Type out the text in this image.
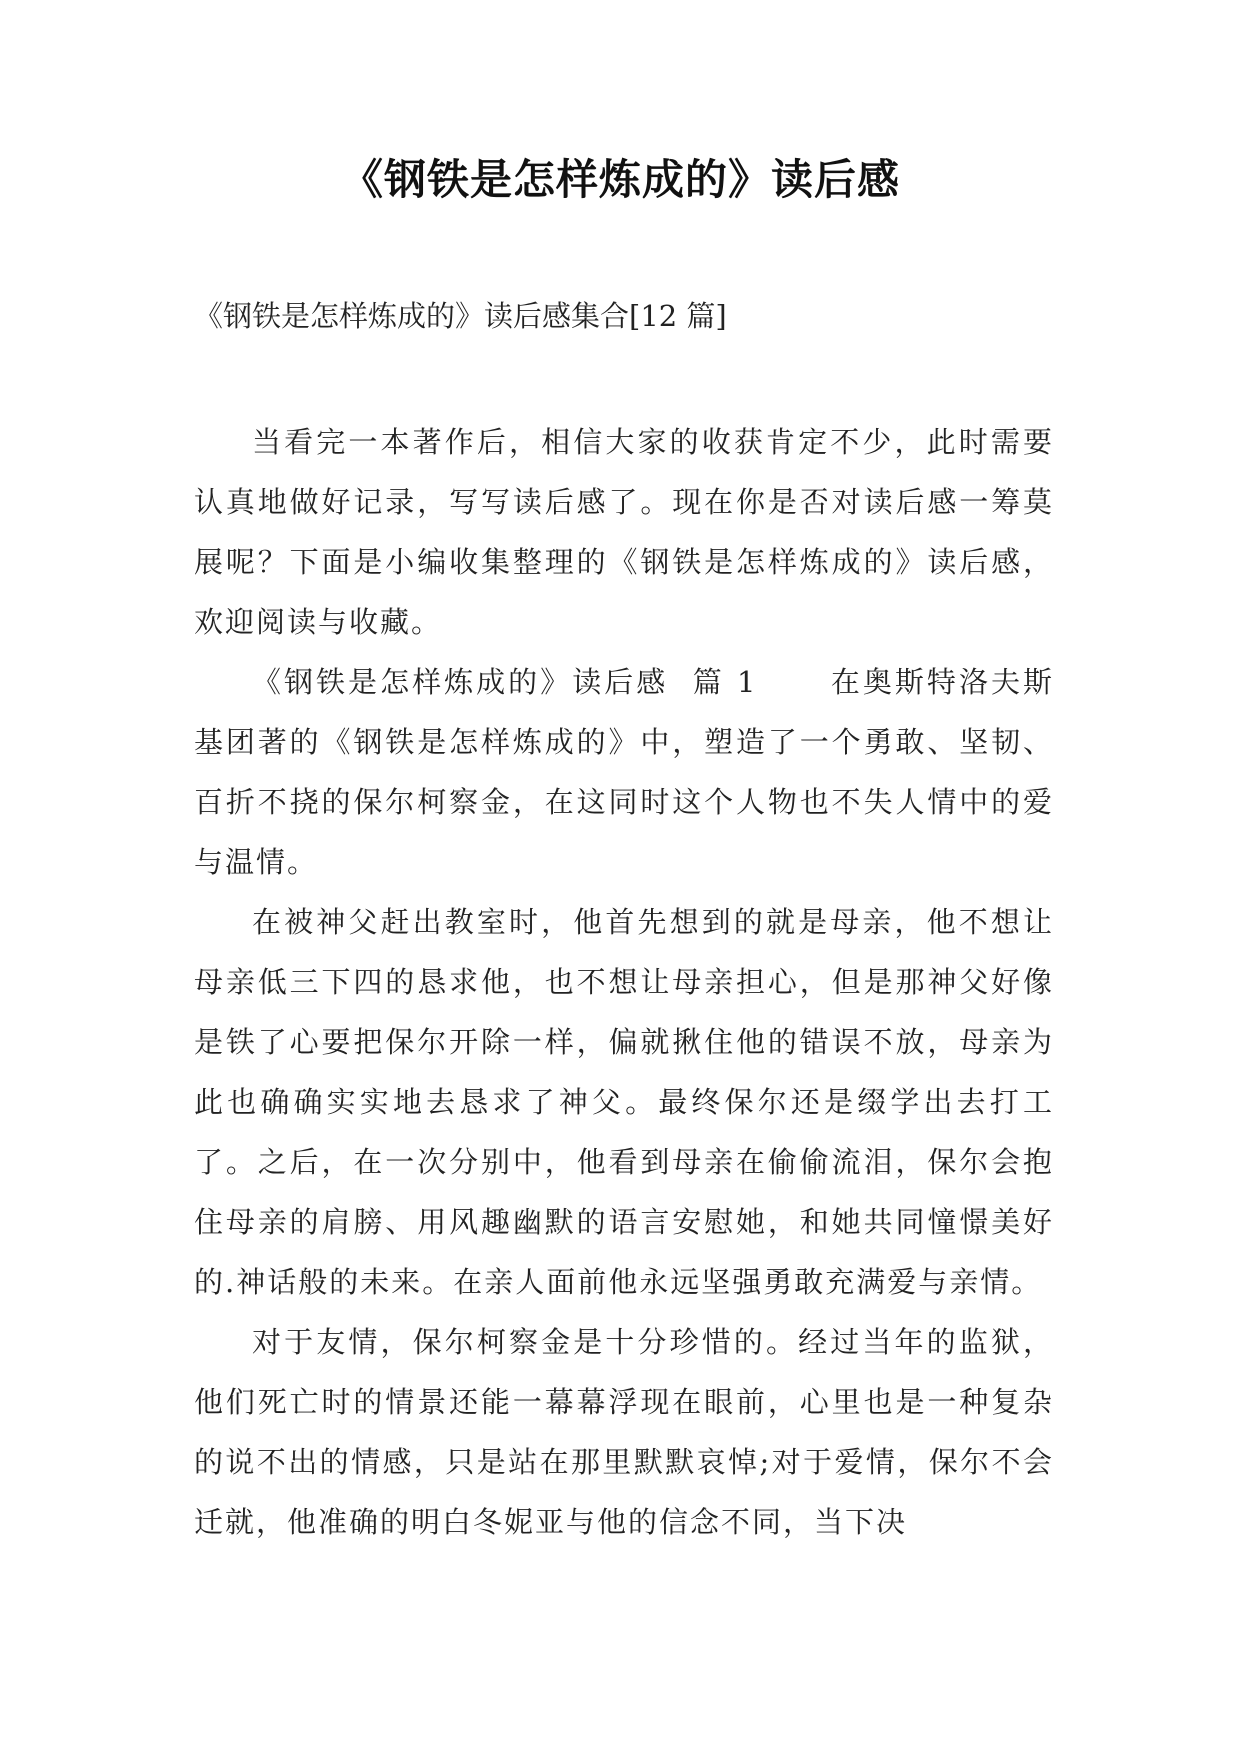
《钢铁是怎样炼成的》读后感
《钢铁是怎样炼成的》读后感集合[12 篇]

当看完一本著作后，相信大家的收获肯定不少，此时需要认真地做好记录，写写读后感了。现在你是否对读后感一筹莫展呢？下面是小编收集整理的《钢铁是怎样炼成的》读后感，欢迎阅读与收藏。

《钢铁是怎样炼成的》读后感  篇 1      在奥斯特洛夫斯基团著的《钢铁是怎样炼成的》中，塑造了一个勇敢、坚韧、百折不挠的保尔柯察金，在这同时这个人物也不失人情中的爱与温情。

在被神父赶出教室时，他首先想到的就是母亲，他不想让母亲低三下四的恳求他，也不想让母亲担心，但是那神父好像是铁了心要把保尔开除一样，偏就揪住他的错误不放，母亲为此也确确实实地去恳求了神父。最终保尔还是缀学出去打工了。之后，在一次分别中，他看到母亲在偷偷流泪，保尔会抱住母亲的肩膀、用风趣幽默的语言安慰她，和她共同憧憬美好的.神话般的未来。在亲人面前他永远坚强勇敢充满爱与亲情。

对于友情，保尔柯察金是十分珍惜的。经过当年的监狱，他们死亡时的情景还能一幕幕浮现在眼前，心里也是一种复杂的说不出的情感，只是站在那里默默哀悼;对于爱情，保尔不会迁就，他准确的明白冬妮亚与他的信念不同，当下决
